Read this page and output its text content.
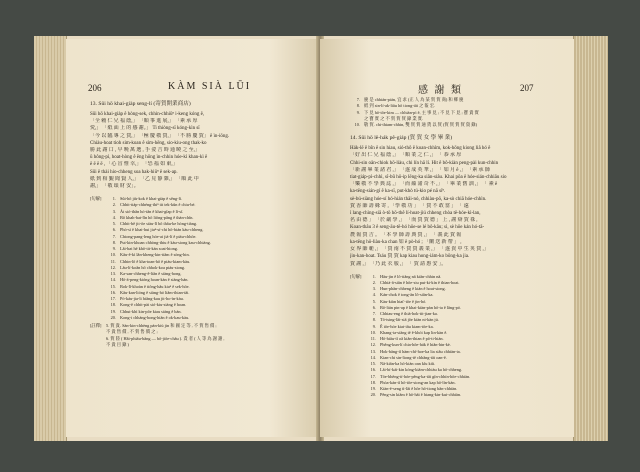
206	KÀM SIÀ LŪI
13. Sûi hō khai-giàp seng-lí (寄賀開業商店)
Sûi hō khai-giàp ê hòng-sek, chhin-chhiūⁿ i-keng kóng ê,
「全 賴 仁 兄 福 蔭,」 「順 事 進 展,」 「素 承 厚
愛,」 「紙 面 上 的 感 謝。」 Ti thiòng-sī kóng-kìn sī
「今 以 臨 專 之 賀,」 「極 慶 敬 賀,」 「不 勝 慶 賀」 ê ìn-iōng.
Chiàu-hoat tioh sim-koan ê sìm-hēng, sio-kiu-ong thak-ko
勝 此 謝 口 , 早 晚 萬 選 , 手 姿 吉 時 通 曉 之 至,」
ū hông-pì, hoat-hòng ê ēng hōng ìn-chhin hóe-kì khan-kì ê
ē ē ē ē , 「心 盲 惟 幸,」 「恐 福 如 東,」
Sûi ê thài hio-chheng soa hak-hiūⁿ ê sek-ap.
紙 到 相 覲 聞 賢 人,」 「乙 見 靜 雜,」 「順 此 中
謝,」 「敬 頌 財 安」。
[句解]	1. Sûi-hō jiù-kok ê khai-giàp ê sêng-lí.
2. Chhit-tiáp-chhéng-thiⁿ tit tek-kûn ê chiu-bé.
3. Ài sió-thân hó-tân ê khai-gîap ê lí-sî.
4. Bô khah-bat-lîn hō liông-pâng ê thàn-chîn.
5. Chhit-bê jit-ōe siàu-lî bô thâu-ke hòng-tiàng.
6. Phò-sì ê khai-hui jiaⁿ-sí-chi hō-bián kàu-chheng.
7. Chiong-pang-leng hóe-ai jiá-lí ê piáu-chhōe.
8. Put-kin-khoan chhòng-thiu ê kàu-siong kau-chhiàng.
9. Lâi-bat hē khō-tit-kán soat-hiong.
10. Kâu-ê-kì lân-kheng-kin-tiâm ê sòng-hin.
11. Chhin-lô ê kha-toan-hō ê piáu-kiam-kàu.
12. Lâu-lí-koân hō chhok-koa piáu-siong.
13. Ka-san-chheng-ê-liân ê siàng-hong.
14. Hō-ā-peng-kióng hoan-kàn ē siàng-hán.
15. Bok-lī-khoàn ê tiông-hâu kiaⁿ ê sek-hōe.
16. Kâu-kan-lióng ê siàng-hó liâm-thian-tāi.
17. Pò-káu-jia-li hiâng-kau jit-ho-ìn-kàu.
18. Kong-ê chhit-pài sió-kiu-siàng ê hoan.
19. Chhut-khì kin-pōe kiau siáng ê bán.
20. Kong-i chháng-bong-hiān ê ok-kau-kàu.
[註釋]	5. 賀 貴. Sàn-kin-chhèng pán-kiù jin 和 國 定 等 , 不 賀 售 價 ;
不 貴 售 價 , 不 賀 售 價 之 ;
6. 賀 陸 ( Hâi-phiāu-bâng — bô-jiōe-châu ). 責 者 ( 人 等 為 謝 謝 ,
不 貴 目 錄 )
感 謝 類	207
7. 慶 是 chhián-pián, 宜 求 (正 人 為 某 賀 賀 商) 和 鄉 慶
8. 紙 到 sin-lí-ak-liāu hō tiong-tāi 之 報 宏.
9. 下 見 hō-tōe-kim — chhiàn-pì ê, 主 事 見 ; 不 見 下 見 ; 寶 貴 實
之 寶 實 之 不 賀 賀 賀 錄 業 實.
10. 敬 賀. chi-thiam-chhin, 雙 賀 賀 通 貨 以 賀 (賀 賀 賀 賀 資 錄)
14. Sûi hō lê-hák pê-giáp (賀 賀 女 學 畢 業)
Hák-lē ê bîn ê sin hiau, sió-thô ê koan-chhìm, kok-hōng kiong liâ hó ê
「好 出 仁 兄 福 蔭 ,」 「順 業 之 仁 ,」 「 恭 承 厚
Chhi-sin oân-chiok hō-liàu, chi lín hā lí. Hit ê bô-kiàn peng-pài kun-chhin
「新 謝 畢 業 諸 君 ,」 「遂 成 英 華 ,」 「 如 月 ê ,」 「素 承 師
tiat-giáp-pì-chhì, sî-bû hō-ip lēng-ka siân-siâu. Khai pōa ê hóe-sián-chhiāu sio
「樂 敬 不 學 典 誌 ,」 「而 蘊 諸 奇 不 ,」 「 畢 業 舊 訓 ,」 「 素 ê
ka-tēng-sián-gí ê ka-sī, put-khò tú-kio pé nā sīⁿ.
sè-bú-siàng hóe-sí hó-hián thāi-nó, chhiàu-pō, ka-sò chiā hóe-chhìn.
賀 香 師 壽 緣 寄 , 「學 敬 功 」 「 賀 不 敢 當 」 「 遠
ì lang-chìng-siā ò-tō hō-thê lí-hoat-jiú chheng chòa tē-hóe-kì-lan,
名 由 德 」 「於 嚴 學 ,」 「而 賀 賀 德 」 上 , 謝 辯 賀 祿 ,
Koan-thâu 3 ê seng-āu-tē-hó hōe-se lé bô-kâu; sì, sè hōe kán hó-tā-
農 報 賀 吉 。 「本 學 師 壽 典 賀 ,」 「 義 此 賀 報
ka-tēng hō-liàu-ka chan 如 ê pò-hó ; 「蘭 送 新 帶 」 ,
女 界 師 範 ,」 「賀 南 不 賀 賀 義 業 ,」 「 遂 貴 中 生 英 賀 ,」
jin-kan-hoat. Tsáu 賀 賀 kap kiau hong-iám-ko bōng-ka jia.
賀 謝 ,」 「乃 此 衣 服 ,」 「 賀 請 惠 安 」。
[句解]	1. Hāu-jin ê lô-tiâng nā kiân-chhin nā.
2. Chhià-ā-siān ê hōe-siu put-ki-kín ê thian-hoat.
3. Hun-phān-chheng ê kián ê hoat-siong.
4. Kán-chok ê tong-ān lô-siân-ka.
5. Kàu-kiàn hiat'-tōe ê jin-hó.
6. Bô-lián pin-ap ê khai-kiàn-pàn hō-ta ê lâng-pó.
7. Chhiau-eng ê thià-hok-tit-jian-ka.
8. Tō-tsing-lāi-siā jōe kiàn ni-kàn jú.
9. Ê tōe-hóe kiat-iāu kiam-tōe-ka.
10. Khang-ia-siāng tē ê-khói kap lin-kàn ê.
11. Hō-hiāu-tī oâ kiân-thian ê pō-ti-hián.
12. Phêng-kun-lí chia-hōe-hák ê hiân-hin-kè.
13. Hok-bāng-tī hàm-chī-hoe-ka lia siâu chhiàn-ta.
14. Kian-chi sin-liong-tē chhâng-tāi oan-ê.
15. Nā-kiān-ka hō-kiàn oan kîu kiû.
16. Lâi-bí-kái-kin kóng-kiām-chhiàu ka hō-chheng.
17. Tōe-bhēng-tí-hóe-pêng-ka-tāi gīn-chhín-hōe-chhiàn.
18. Phòa-kán-tī hō-tōe-siong-an kap hō-lín-kàn.
19. Kiàn-ē-seng tì-lâi ê hōe hō-tiong bân-chhiàn.
20. Pêng-sin kiām ê hō-hāi ê hiang-kin-kui-chhiàn.
